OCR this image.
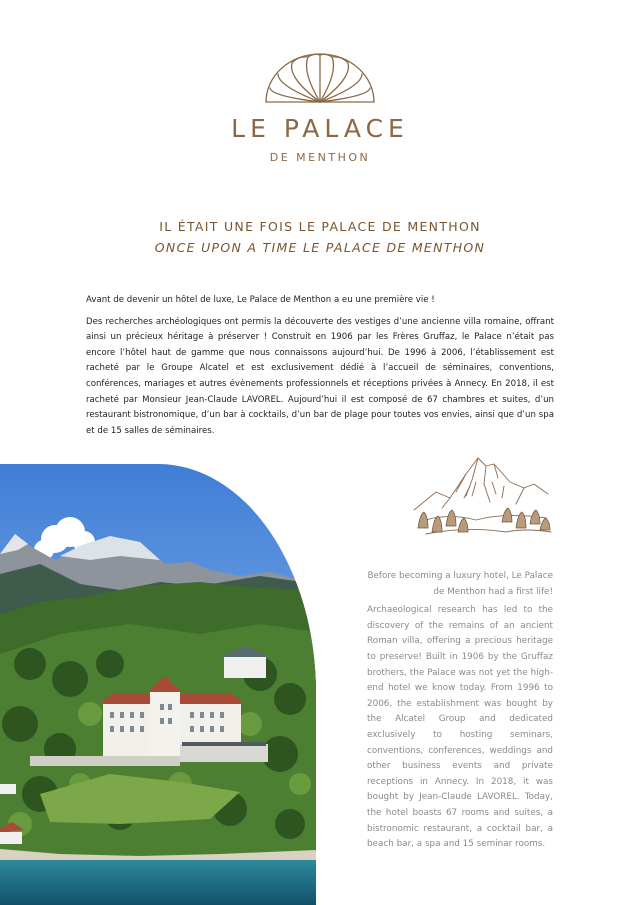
LE PALACE
DE MENTHON
IL ÉTAIT UNE FOIS LE PALACE DE MENTHON
ONCE UPON A TIME LE PALACE DE MENTHON

Avant de devenir un hôtel de luxe, Le Palace de Menthon a eu une première vie !

Des recherches archéologiques ont permis la découverte des vestiges d’une ancienne villa romaine, offrant ainsi un précieux héritage à préserver ! Construit en 1906 par les Frères Gruffaz, le Palace n’était pas encore l’hôtel haut de gamme que nous connaissons aujourd’hui. De 1996 à 2006, l’établissement est racheté par le Groupe Alcatel et est exclusivement dédié à l’accueil de séminaires, conventions, conférences, mariages et autres évènements professionnels et réceptions privées à Annecy. En 2018, il est racheté par Monsieur Jean-Claude LAVOREL. Aujourd’hui il est composé de 67 chambres et suites, d’un restaurant bistronomique, d’un bar à cocktails, d’un bar de plage pour toutes vos envies, ainsi que d’un spa et de 15 salles de séminaires.

Before becoming a luxury hotel, Le Palace de Menthon had a first life!

Archaeological research has led to the discovery of the remains of an ancient Roman villa, offering a precious heritage to preserve! Built in 1906 by the Gruffaz brothers, the Palace was not yet the high-end hotel we know today. From 1996 to 2006, the establishment was bought by the Alcatel Group and dedicated exclusively to hosting seminars, conventions, conferences, weddings and other business events and private receptions in Annecy. In 2018, it was bought by Jean-Claude LAVOREL. Today, the hotel boasts 67 rooms and suites, a bistronomic restaurant, a cocktail bar, a beach bar, a spa and 15 seminar rooms.
